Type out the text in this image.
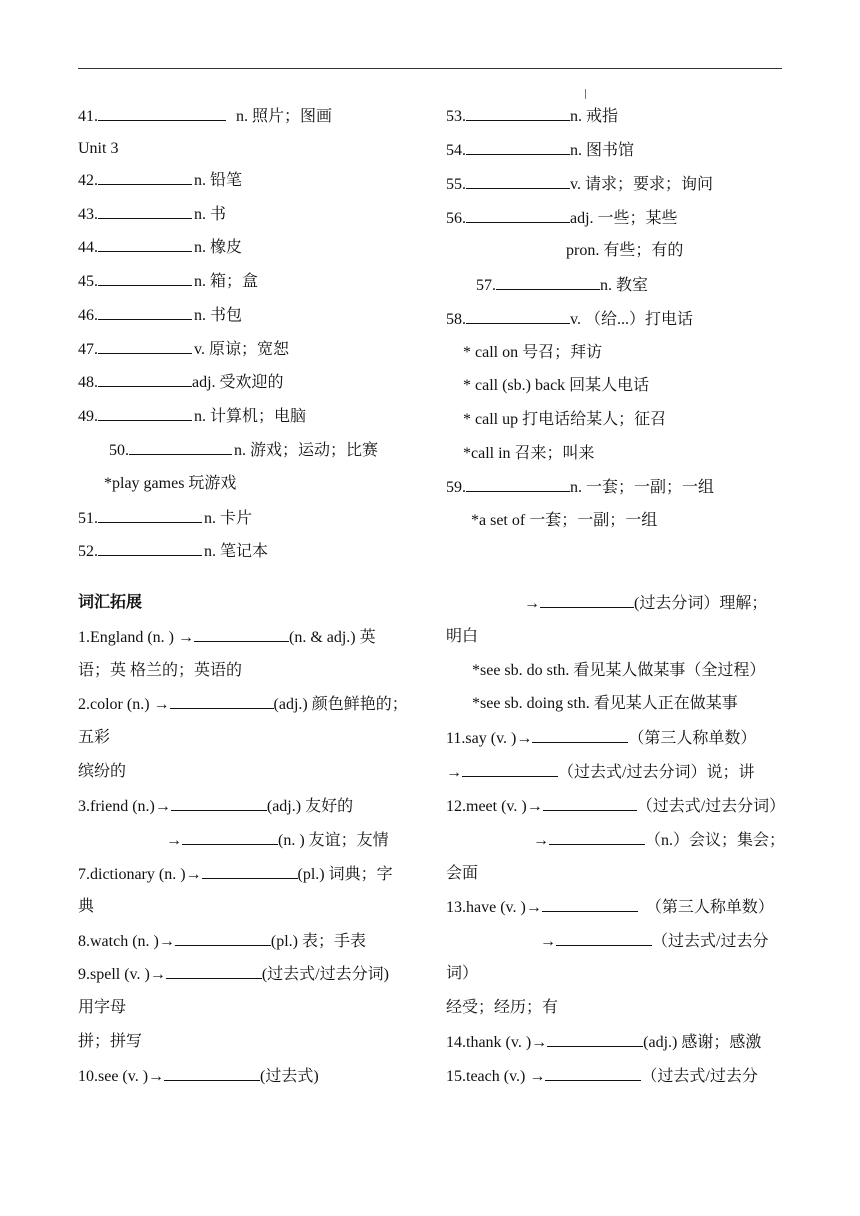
41.	n. 照片；图画
Unit 3
42.	n. 铅笔
43.	n. 书
44.	n. 橡皮
45.	n. 箱；盒
46.	n. 书包
47.	v. 原谅；宽恕
48.	adj. 受欢迎的
49.	n. 计算机；电脑
50.	n. 游戏；运动；比赛
*play games 玩游戏
51.	n. 卡片
52.	n. 笔记本
53.	n. 戒指
54.	n. 图书馆
55.	v. 请求；要求；询问
56.	adj. 一些；某些
pron. 有些；有的
57.	n. 教室
58.	v. （给...）打电话
* call on 号召；拜访
* call (sb.) back 回某人电话
* call up 打电话给某人；征召
*call in 召来；叫来
59.	n. 一套；一副；一组
*a set of 一套；一副；一组
词汇拓展
1.England (n. ) →	(n. & adj.) 英
语；英 格兰的；英语的
2.color (n.) →	(adj.) 颜色鲜艳的；
五彩
缤纷的
3.friend (n.)→	(adj.) 友好的
→	(n. ) 友谊；友情
7.dictionary (n. )→	(pl.) 词典；字
典
8.watch (n. )→	(pl.) 表；手表
9.spell (v. )→	(过去式/过去分词)
用字母
拼；拼写
10.see (v. )→	(过去式)
→	(过去分词）理解；
明白
*see sb. do sth. 看见某人做某事（全过程）
*see sb. doing sth. 看见某人正在做某事
11.say (v. )→	（第三人称单数）
→	（过去式/过去分词）说；讲
12.meet (v. )→	（过去式/过去分词）
→	（n.）会议；集会；
会面
13.have (v. )→	（第三人称单数）
→	（过去式/过去分
词）
经受；经历；有
14.thank (v. )→	(adj.) 感谢；感激
15.teach (v.) →	（过去式/过去分
